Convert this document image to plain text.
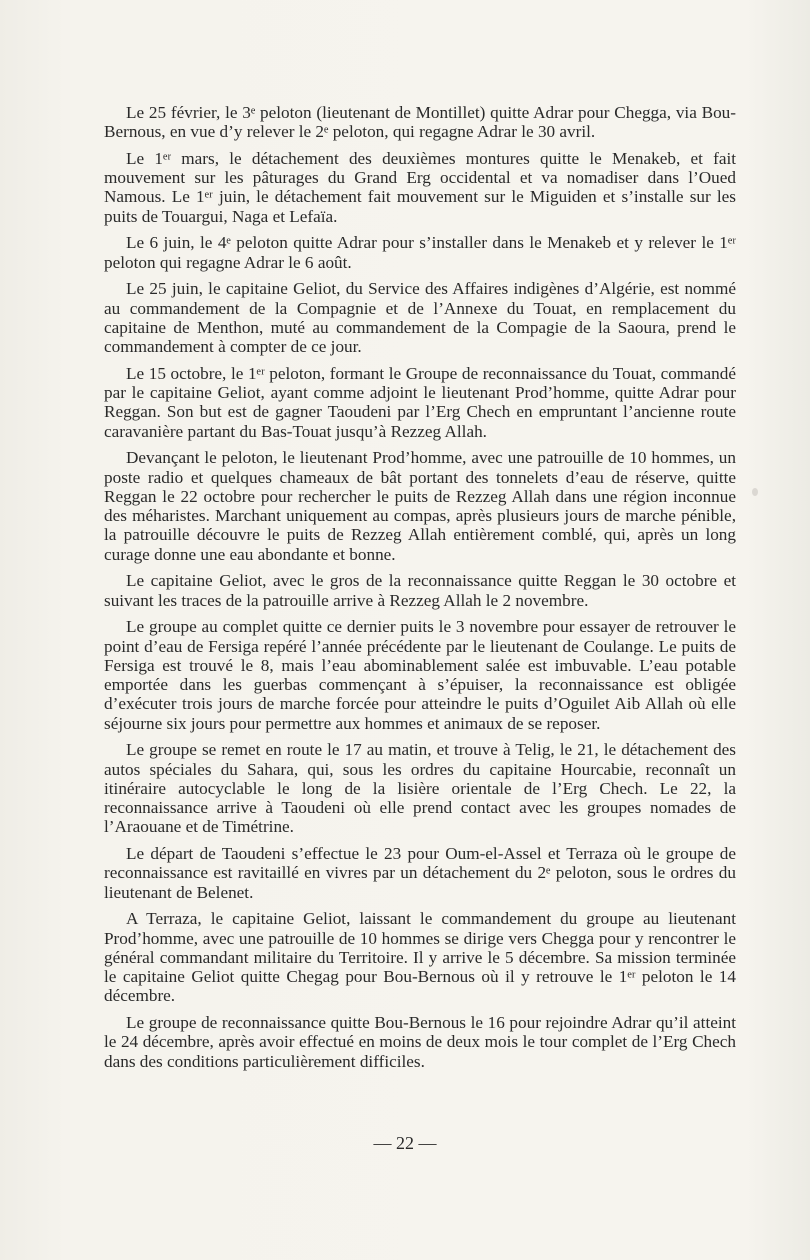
Le 25 février, le 3ᵉ peloton (lieutenant de Montillet) quitte Adrar pour Chegga, via Bou-Bernous, en vue d’y relever le 2ᵉ peloton, qui regagne Adrar le 30 avril.

Le 1ᵉʳ mars, le détachement des deuxièmes montures quitte le Menakeb, et fait mouvement sur les pâturages du Grand Erg occidental et va nomadiser dans l’Oued Namous. Le 1ᵉʳ juin, le détachement fait mouvement sur le Miguiden et s’installe sur les puits de Touargui, Naga et Lefaïa.

Le 6 juin, le 4ᵉ peloton quitte Adrar pour s’installer dans le Menakeb et y relever le 1ᵉʳ peloton qui regagne Adrar le 6 août.

Le 25 juin, le capitaine Geliot, du Service des Affaires indigènes d’Algérie, est nommé au commandement de la Compagnie et de l’Annexe du Touat, en remplacement du capitaine de Menthon, muté au commandement de la Compagie de la Saoura, prend le commandement à compter de ce jour.

Le 15 octobre, le 1ᵉʳ peloton, formant le Groupe de reconnaissance du Touat, commandé par le capitaine Geliot, ayant comme adjoint le lieutenant Prod’homme, quitte Adrar pour Reggan. Son but est de gagner Taoudeni par l’Erg Chech en empruntant l’ancienne route caravanière partant du Bas-Touat jusqu’à Rezzeg Allah.

Devançant le peloton, le lieutenant Prod’homme, avec une patrouille de 10 hommes, un poste radio et quelques chameaux de bât portant des tonnelets d’eau de réserve, quitte Reggan le 22 octobre pour rechercher le puits de Rezzeg Allah dans une région inconnue des méharistes. Marchant uniquement au compas, après plusieurs jours de marche pénible, la patrouille découvre le puits de Rezzeg Allah entièrement comblé, qui, après un long curage donne une eau abondante et bonne.

Le capitaine Geliot, avec le gros de la reconnaissance quitte Reggan le 30 octobre et suivant les traces de la patrouille arrive à Rezzeg Allah le 2 novembre.

Le groupe au complet quitte ce dernier puits le 3 novembre pour essayer de retrouver le point d’eau de Fersiga repéré l’année précédente par le lieutenant de Coulange. Le puits de Fersiga est trouvé le 8, mais l’eau abominablement salée est imbuvable. L’eau potable emportée dans les guerbas commençant à s’épuiser, la reconnaissance est obligée d’exécuter trois jours de marche forcée pour atteindre le puits d’Oguilet Aib Allah où elle séjourne six jours pour permettre aux hommes et animaux de se reposer.

Le groupe se remet en route le 17 au matin, et trouve à Telig, le 21, le détachement des autos spéciales du Sahara, qui, sous les ordres du capitaine Hourcabie, reconnaît un itinéraire autocyclable le long de la lisière orientale de l’Erg Chech. Le 22, la reconnaissance arrive à Taoudeni où elle prend contact avec les groupes nomades de l’Araouane et de Timétrine.

Le départ de Taoudeni s’effectue le 23 pour Oum-el-Assel et Terraza où le groupe de reconnaissance est ravitaillé en vivres par un détachement du 2ᵉ peloton, sous le ordres du lieutenant de Belenet.

A Terraza, le capitaine Geliot, laissant le commandement du groupe au lieutenant Prod’homme, avec une patrouille de 10 hommes se dirige vers Chegga pour y rencontrer le général commandant militaire du Territoire. Il y arrive le 5 décembre. Sa mission terminée le capitaine Geliot quitte Chegag pour Bou-Bernous où il y retrouve le 1ᵉʳ peloton le 14 décembre.

Le groupe de reconnaissance quitte Bou-Bernous le 16 pour rejoindre Adrar qu’il atteint le 24 décembre, après avoir effectué en moins de deux mois le tour complet de l’Erg Chech dans des conditions particulièrement difficiles.

— 22 —
